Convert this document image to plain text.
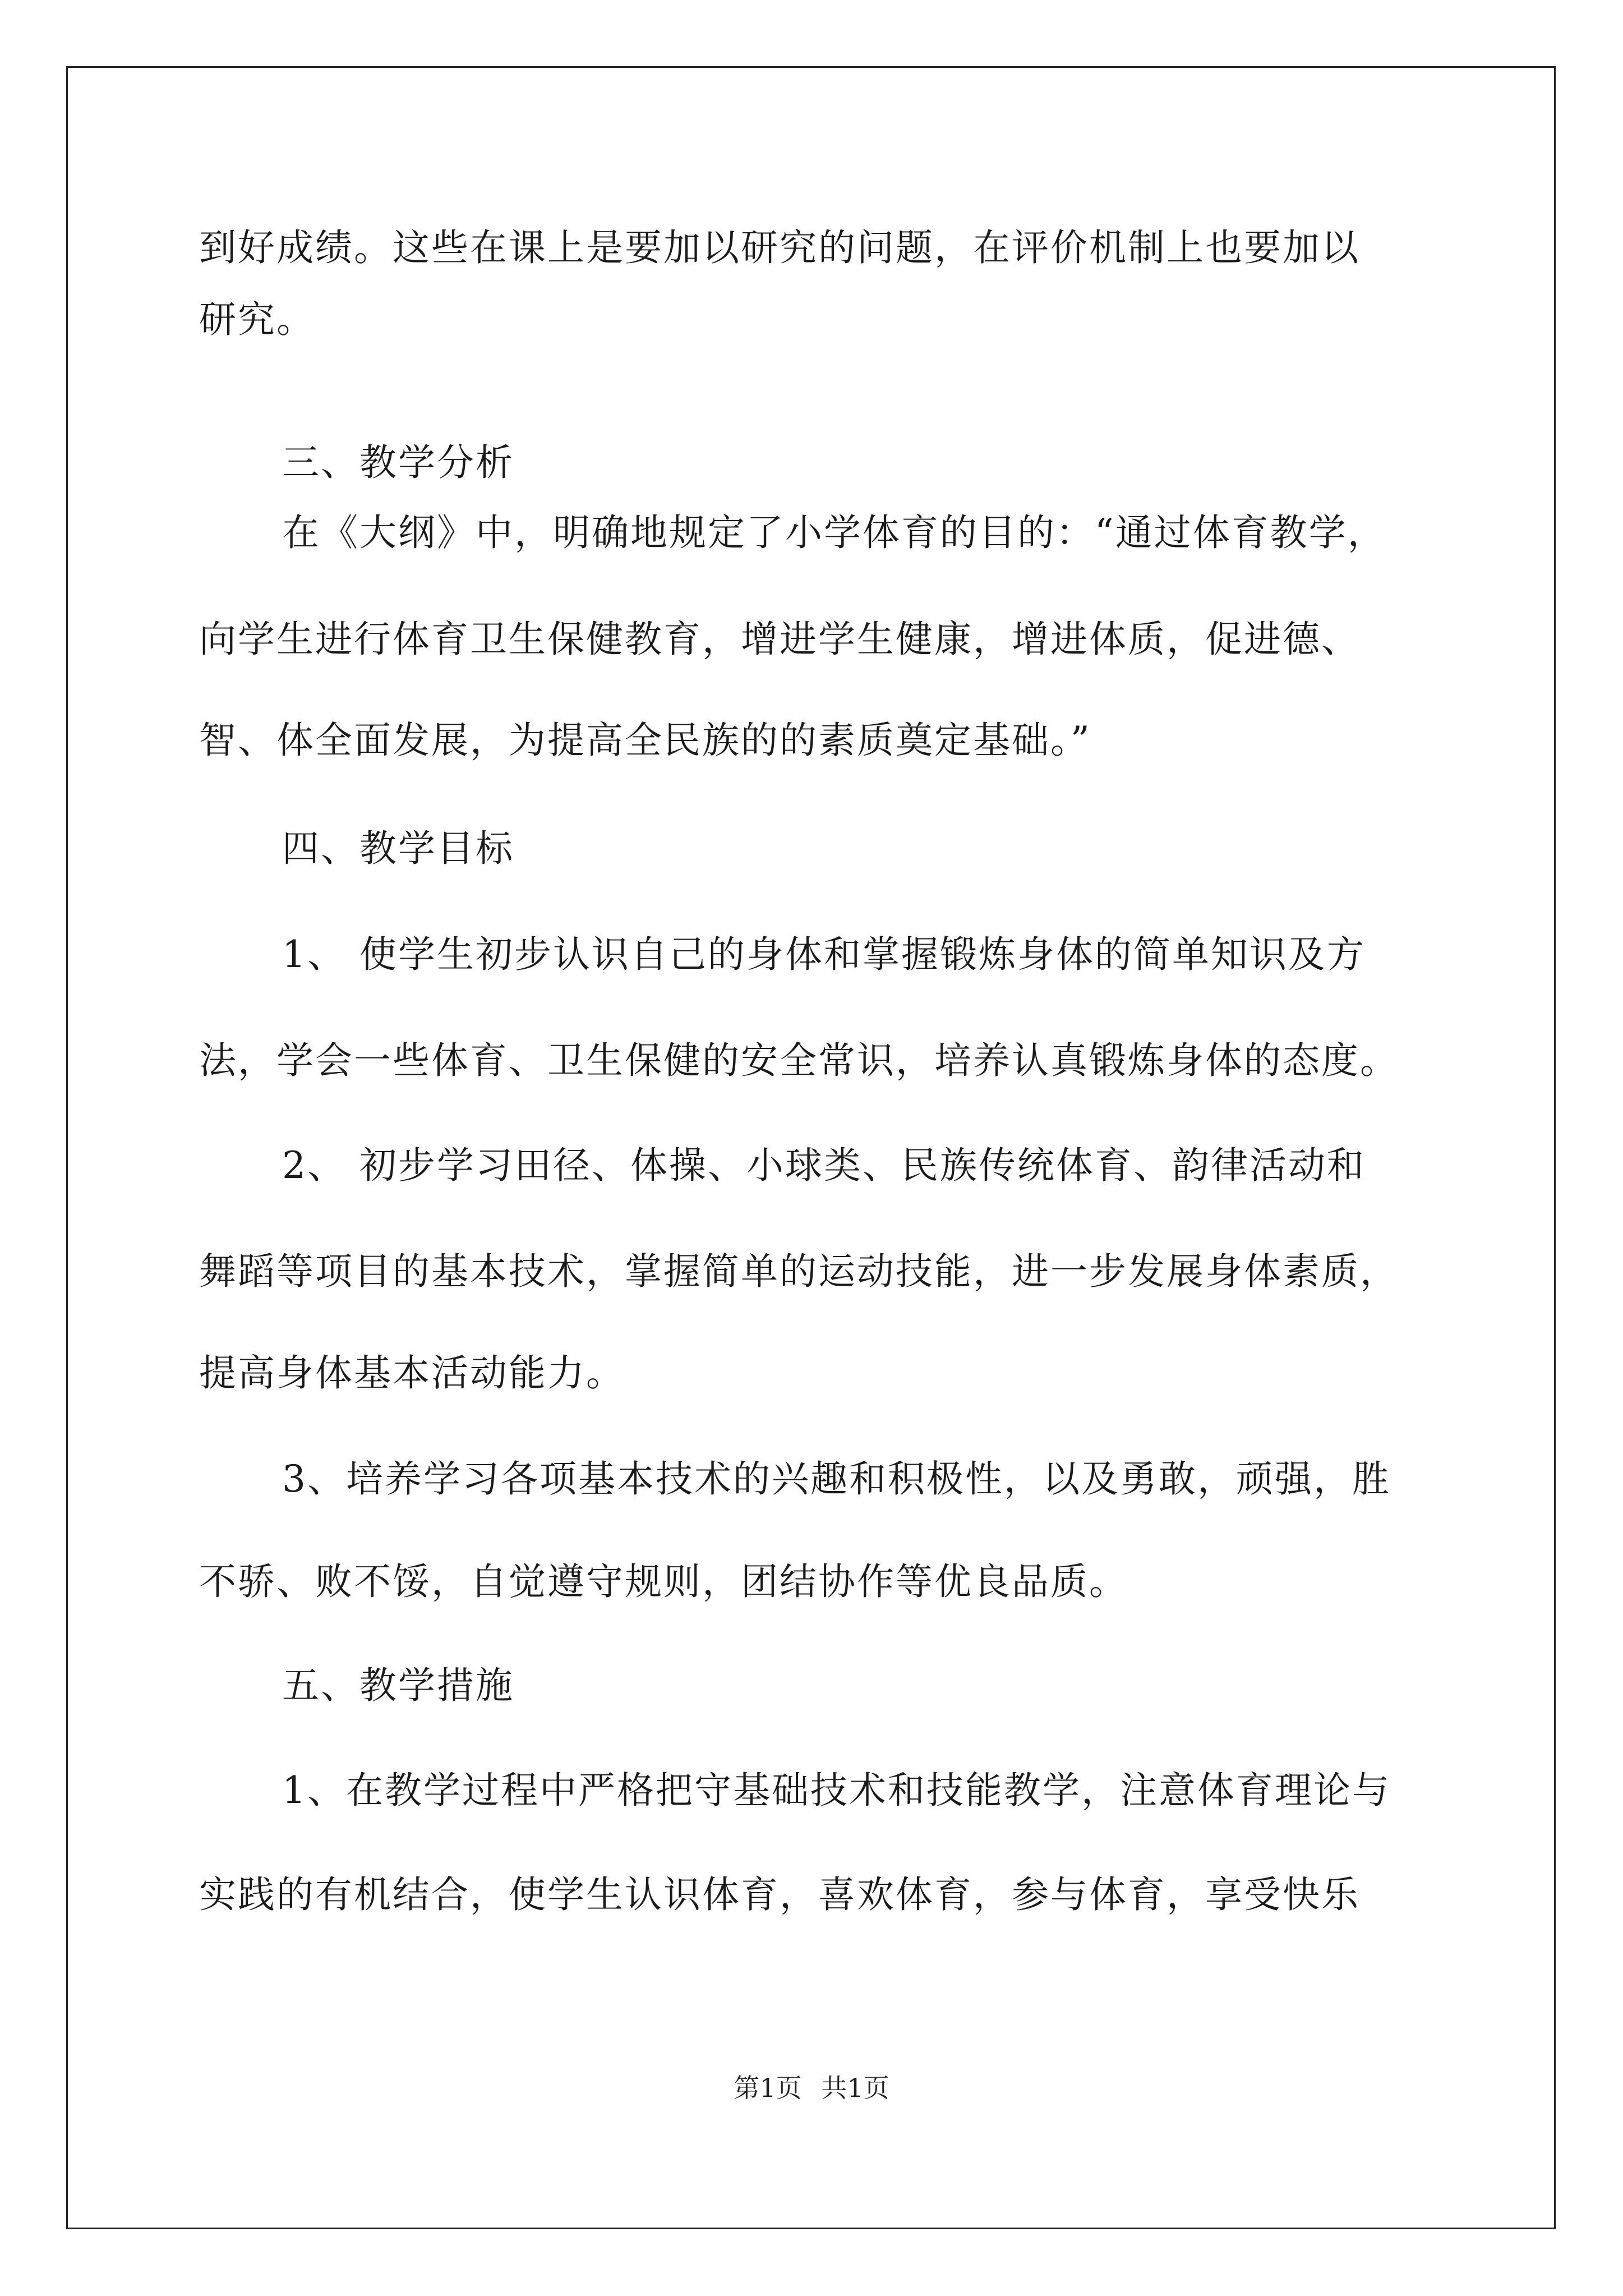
到好成绩。这些在课上是要加以研究的问题，在评价机制上也要加以
研究。
三、教学分析
在《大纲》中，明确地规定了小学体育的目的：“通过体育教学，
向学生进行体育卫生保健教育，增进学生健康，增进体质，促进德、
智、体全面发展，为提高全民族的的素质奠定基础。”
四、教学目标
1、 使学生初步认识自己的身体和掌握锻炼身体的简单知识及方
法，学会一些体育、卫生保健的安全常识，培养认真锻炼身体的态度。
2、 初步学习田径、体操、小球类、民族传统体育、韵律活动和
舞蹈等项目的基本技术，掌握简单的运动技能，进一步发展身体素质，
提高身体基本活动能力。
3、培养学习各项基本技术的兴趣和积极性，以及勇敢，顽强，胜
不骄、败不馁，自觉遵守规则，团结协作等优良品质。
五、教学措施
1、在教学过程中严格把守基础技术和技能教学，注意体育理论与
实践的有机结合，使学生认识体育，喜欢体育，参与体育，享受快乐
第1页 共1页
